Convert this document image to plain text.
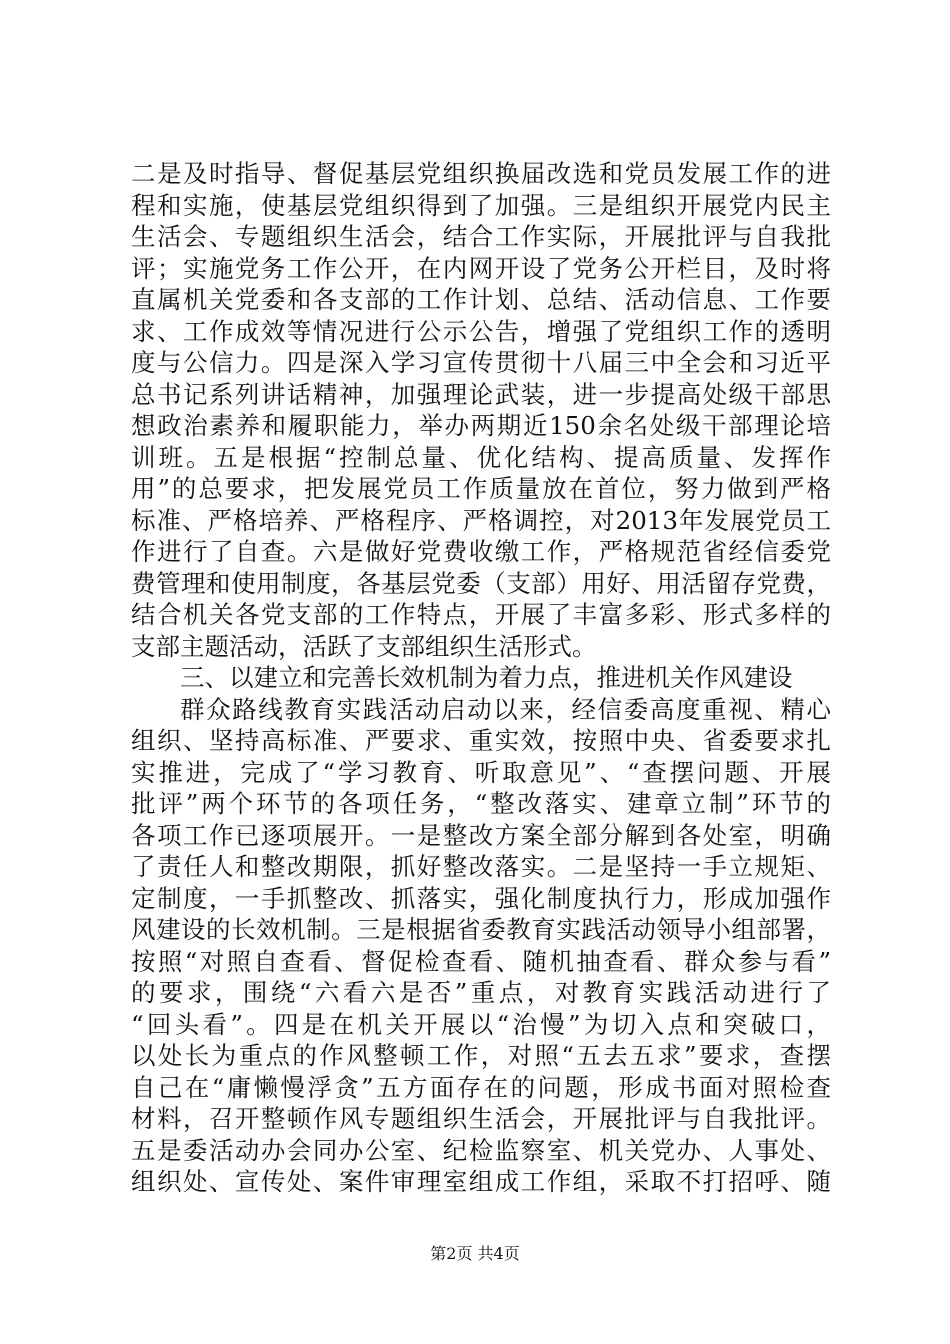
二是及时指导、督促基层党组织换届改选和党员发展工作的进
程和实施，使基层党组织得到了加强。三是组织开展党内民主
生活会、专题组织生活会，结合工作实际，开展批评与自我批
评；实施党务工作公开，在内网开设了党务公开栏目，及时将
直属机关党委和各支部的工作计划、总结、活动信息、工作要
求、工作成效等情况进行公示公告，增强了党组织工作的透明
度与公信力。四是深入学习宣传贯彻十八届三中全会和习近平
总书记系列讲话精神，加强理论武装，进一步提高处级干部思
想政治素养和履职能力，举办两期近150余名处级干部理论培
训班。五是根据“控制总量、优化结构、提高质量、发挥作
用”的总要求，把发展党员工作质量放在首位，努力做到严格
标准、严格培养、严格程序、严格调控，对2013年发展党员工
作进行了自查。六是做好党费收缴工作，严格规范省经信委党
费管理和使用制度，各基层党委（支部）用好、用活留存党费，
结合机关各党支部的工作特点，开展了丰富多彩、形式多样的
支部主题活动，活跃了支部组织生活形式。
三、以建立和完善长效机制为着力点，推进机关作风建设
群众路线教育实践活动启动以来，经信委高度重视、精心
组织、坚持高标准、严要求、重实效，按照中央、省委要求扎
实推进，完成了“学习教育、听取意见”、“查摆问题、开展
批评”两个环节的各项任务，“整改落实、建章立制”环节的
各项工作已逐项展开。一是整改方案全部分解到各处室，明确
了责任人和整改期限，抓好整改落实。二是坚持一手立规矩、
定制度，一手抓整改、抓落实，强化制度执行力，形成加强作
风建设的长效机制。三是根据省委教育实践活动领导小组部署，
按照“对照自查看、督促检查看、随机抽查看、群众参与看”
的要求，围绕“六看六是否”重点，对教育实践活动进行了
“回头看”。四是在机关开展以“治慢”为切入点和突破口，
以处长为重点的作风整顿工作，对照“五去五求”要求，查摆
自己在“庸懒慢浮贪”五方面存在的问题，形成书面对照检查
材料，召开整顿作风专题组织生活会，开展批评与自我批评。
五是委活动办会同办公室、纪检监察室、机关党办、人事处、
组织处、宣传处、案件审理室组成工作组，采取不打招呼、随
第2页 共4页
